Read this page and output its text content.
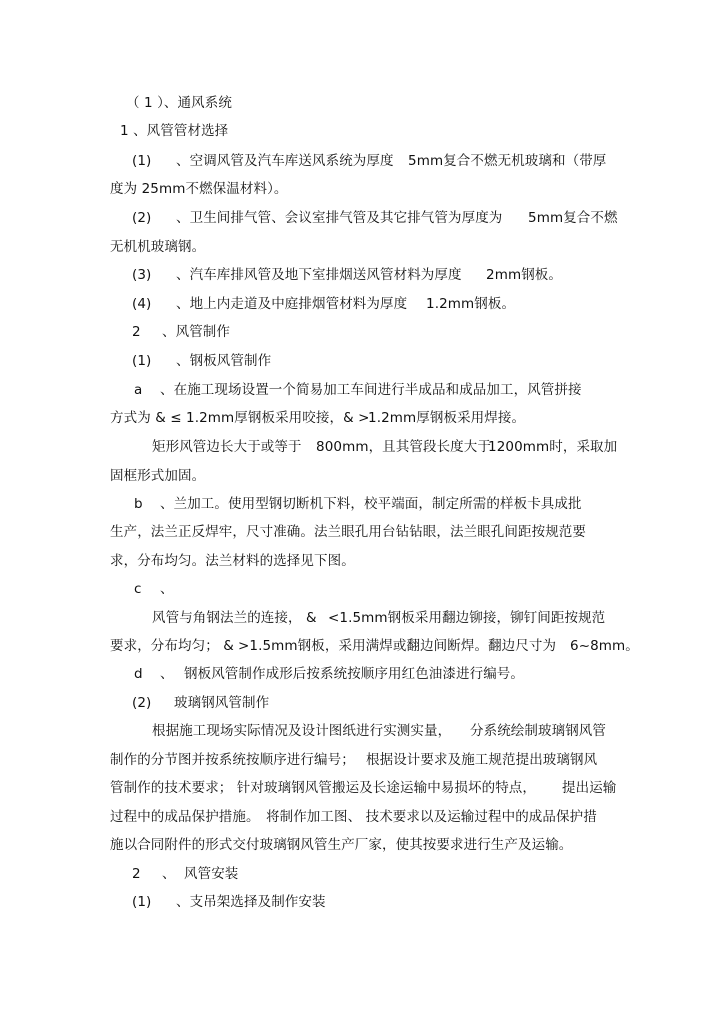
（ 1 ）、通风系统
1 、风管管材选择
(1) 、空调风管及汽车库送风系统为厚度 5mm复合不燃无机玻璃和（带厚
度为 25mm不燃保温材料）。
(2) 、卫生间排气管、会议室排气管及其它排气管为厚度为 5mm复合不燃
无机机玻璃钢。
(3) 、汽车库排风管及地下室排烟送风管材料为厚度 2mm钢板。
(4) 、地上内走道及中庭排烟管材料为厚度 1.2mm钢板。
2 、风管制作
(1) 、钢板风管制作
a 、在施工现场设置一个简易加工车间进行半成品和成品加工，风管拼接
方式为 & ≤ 1.2mm厚钢板采用咬接，& >
1.2mm厚钢板采用焊接。
矩形风管边长大于或等于 800mm，且其管段长度大于
1200mm时，采取加
固框形式加固。
b 、兰加工。使用型钢切断机下料，校平端面，制定所需的样板卡具成批
生产，法兰正反焊牢，尺寸准确。法兰眼孔用台钻钻眼，法兰眼孔间距按规范要
求，分布均匀。法兰材料的选择见下图。
c 、
风管与角钢法兰的连接， & <1.5mm钢板采用翻边铆接，铆钉间距按规范
要求，分布均匀； & >1.5mm钢板，采用满焊或翻边间断焊。翻边尺寸为 6~8mm。
d 、 钢板风管制作成形后按系统按顺序用红色油漆进行编号。
(2) 玻璃钢风管制作
根据施工现场实际情况及设计图纸进行实测实量， 分系统绘制玻璃钢风管
制作的分节图并按系统按顺序进行编号； 根据设计要求及施工规范提出玻璃钢风
管制作的技术要求； 针对玻璃钢风管搬运及长途运输中易损坏的特点， 提出运输
过程中的成品保护措施。 将制作加工图、 技术要求以及运输过程中的成品保护措
施以合同附件的形式交付玻璃钢风管生产厂家，使其按要求进行生产及运输。
2 、 风管安装
(1) 、支吊架选择及制作安装
